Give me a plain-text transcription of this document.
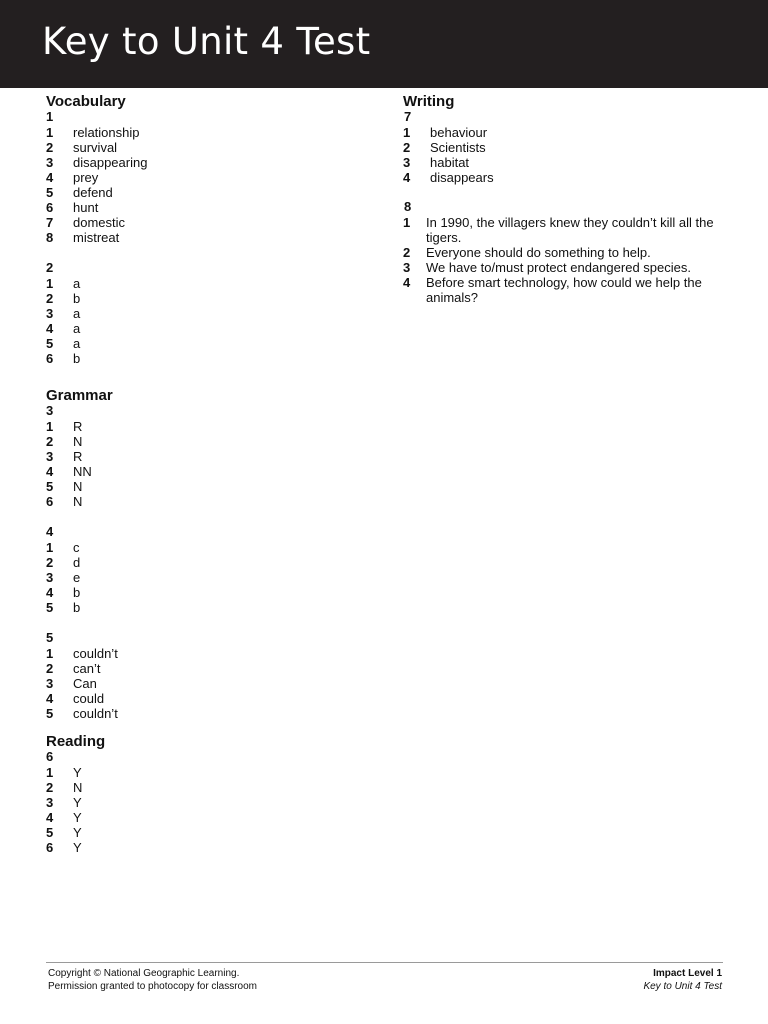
Key to Unit 4 Test
Vocabulary
1
1	relationship
2	survival
3	disappearing
4	prey
5	defend
6	hunt
7	domestic
8	mistreat
2
1	a
2	b
3	a
4	a
5	a
6	b
Grammar
3
1	R
2	N
3	R
4	NN
5	N
6	N
4
1	c
2	d
3	e
4	b
5	b
5
1	couldn’t
2	can’t
3	Can
4	could
5	couldn’t
Reading
6
1	Y
2	N
3	Y
4	Y
5	Y
6	Y
Writing
7
1	behaviour
2	Scientists
3	habitat
4	disappears
8
1	In 1990, the villagers knew they couldn’t kill all the tigers.
2	Everyone should do something to help.
3	We have to/must protect endangered species.
4	Before smart technology, how could we help the animals?
Copyright © National Geographic Learning.
Permission granted to photocopy for classroom
Impact Level 1
Key to Unit 4 Test
